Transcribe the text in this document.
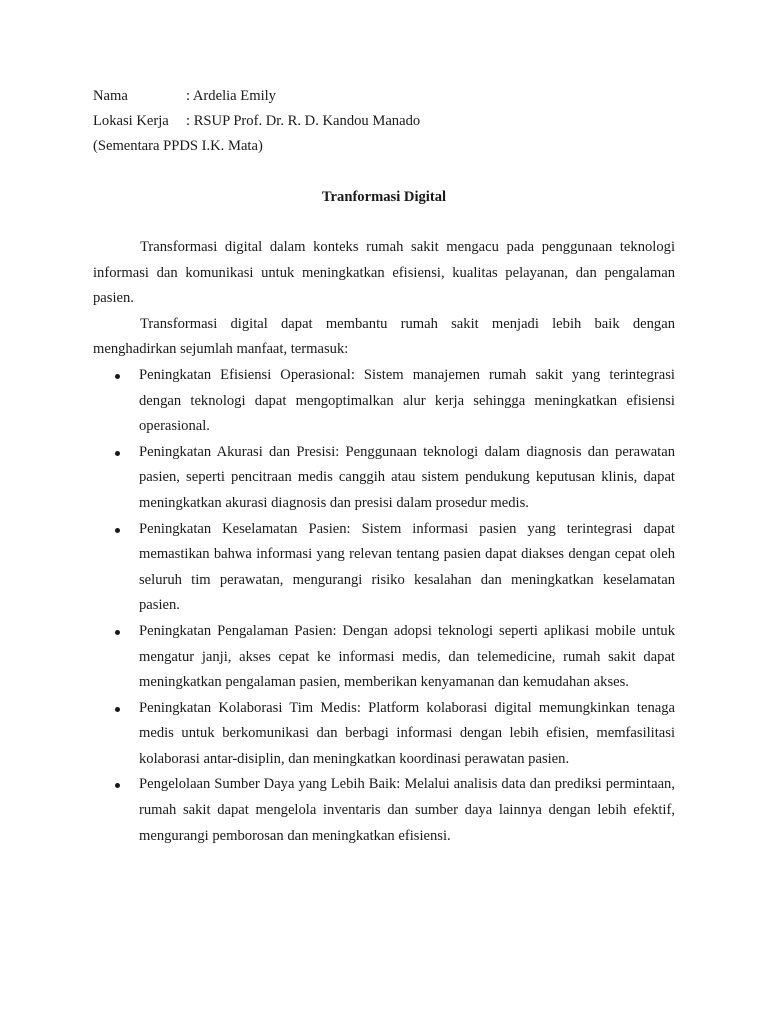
Nama	: Ardelia Emily
Lokasi Kerja : RSUP Prof. Dr. R. D. Kandou Manado
(Sementara PPDS I.K. Mata)
Tranformasi Digital

Transformasi digital dalam konteks rumah sakit mengacu pada penggunaan teknologi informasi dan komunikasi untuk meningkatkan efisiensi, kualitas pelayanan, dan pengalaman pasien.

Transformasi digital dapat membantu rumah sakit menjadi lebih baik dengan menghadirkan sejumlah manfaat, termasuk:

Peningkatan Efisiensi Operasional: Sistem manajemen rumah sakit yang terintegrasi dengan teknologi dapat mengoptimalkan alur kerja sehingga meningkatkan efisiensi operasional.
Peningkatan Akurasi dan Presisi: Penggunaan teknologi dalam diagnosis dan perawatan pasien, seperti pencitraan medis canggih atau sistem pendukung keputusan klinis, dapat meningkatkan akurasi diagnosis dan presisi dalam prosedur medis.
Peningkatan Keselamatan Pasien: Sistem informasi pasien yang terintegrasi dapat memastikan bahwa informasi yang relevan tentang pasien dapat diakses dengan cepat oleh seluruh tim perawatan, mengurangi risiko kesalahan dan meningkatkan keselamatan pasien.
Peningkatan Pengalaman Pasien: Dengan adopsi teknologi seperti aplikasi mobile untuk mengatur janji, akses cepat ke informasi medis, dan telemedicine, rumah sakit dapat meningkatkan pengalaman pasien, memberikan kenyamanan dan kemudahan akses.
Peningkatan Kolaborasi Tim Medis: Platform kolaborasi digital memungkinkan tenaga medis untuk berkomunikasi dan berbagi informasi dengan lebih efisien, memfasilitasi kolaborasi antar-disiplin, dan meningkatkan koordinasi perawatan pasien.
Pengelolaan Sumber Daya yang Lebih Baik: Melalui analisis data dan prediksi permintaan, rumah sakit dapat mengelola inventaris dan sumber daya lainnya dengan lebih efektif, mengurangi pemborosan dan meningkatkan efisiensi.
